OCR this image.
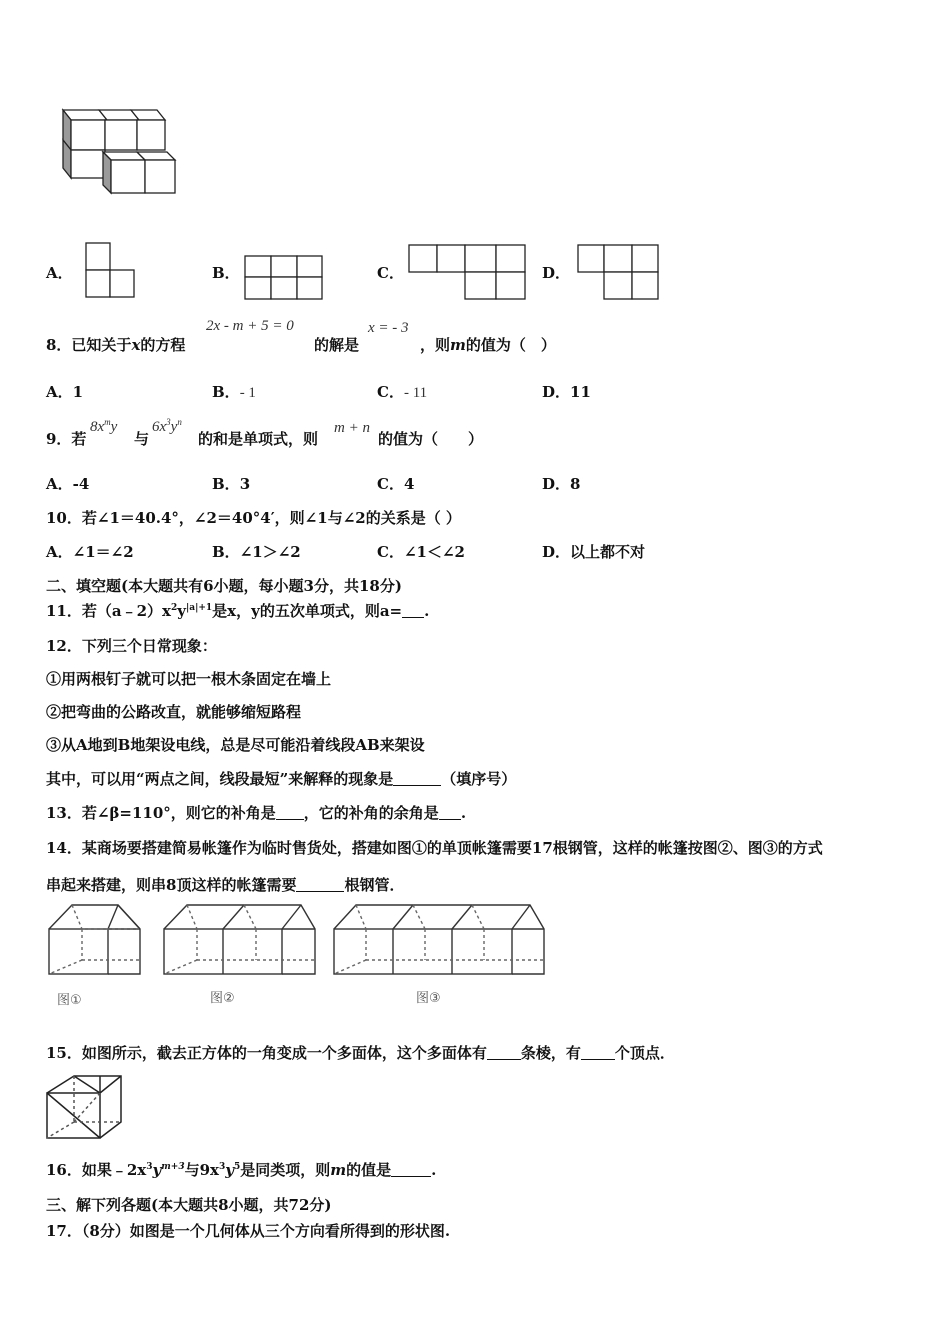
A．	B．	C．	D．
8．已知关于x的方程
2x - m + 5 = 0
的解是
x = - 3
，则m的值为（　）
A．1	B．- 1	C．- 11	D．11
9．若
$8x^my$
与
$6x^3y^n$
的和是单项式，则
m + n
的值为（　　）
A．-4	B．3	C．4	D．8
10．若∠1＝40.4°，∠2＝40°4′，则∠1与∠2的关系是（ ）
A．∠1＝∠2	B．∠1＞∠2	C．∠1＜∠2	D．以上都不对
二、填空题(本大题共有6小题，每小题3分，共18分)
11．若$(a﹣2)x^2y^{|a|+1}$是x，y的五次单项式，则a= .
12．下列三个日常现象：
①用两根钉子就可以把一根木条固定在墙上
②把弯曲的公路改直，就能够缩短路程
③从A地到B地架设电线，总是尽可能沿着线段AB来架设
其中，可以用“两点之间，线段最短”来解释的现象是	（填序号）
13．若∠β=110°，则它的补角是 ，它的补角的余角是 .
14．某商场要搭建简易帐篷作为临时售货处，搭建如图①的单顶帐篷需要17根钢管，这样的帐篷按图②、图③的方式
串起来搭建，则串8顶这样的帐篷需要	根钢管．
图①	图②	图③
15．如图所示，截去正方体的一角变成一个多面体，这个多面体有 条棱，有 个顶点．
16．如果$﹣2x^3y^{m+3}$与$9x^3y^5$是同类项，则m的值是	.
三、解下列各题(本大题共8小题，共72分)
17．（8分）如图是一个几何体从三个方向看所得到的形状图.
